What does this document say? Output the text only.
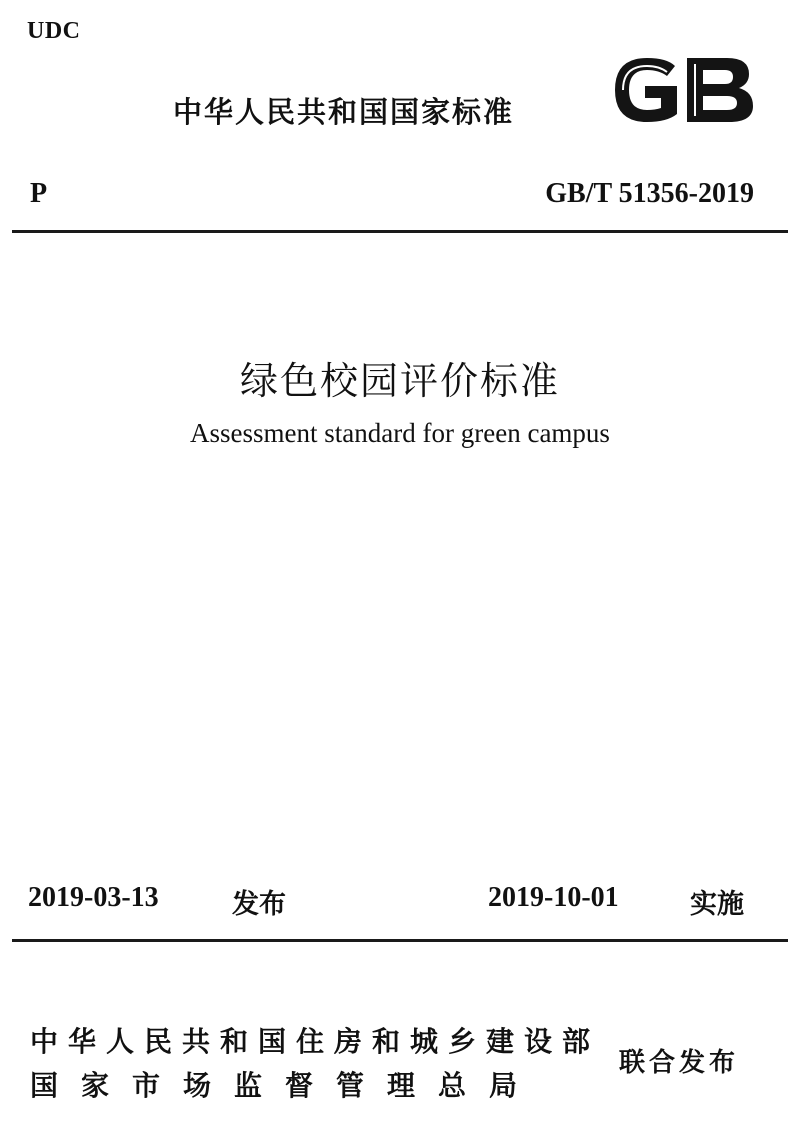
UDC
中华人民共和国国家标准
P	GB/T 51356-2019
绿色校园评价标准
Assessment standard for green campus
2019-03-13	发布	2019-10-01	实施
中华人民共和国住房和城乡建设部
国家市场监督管理总局
联合发布
